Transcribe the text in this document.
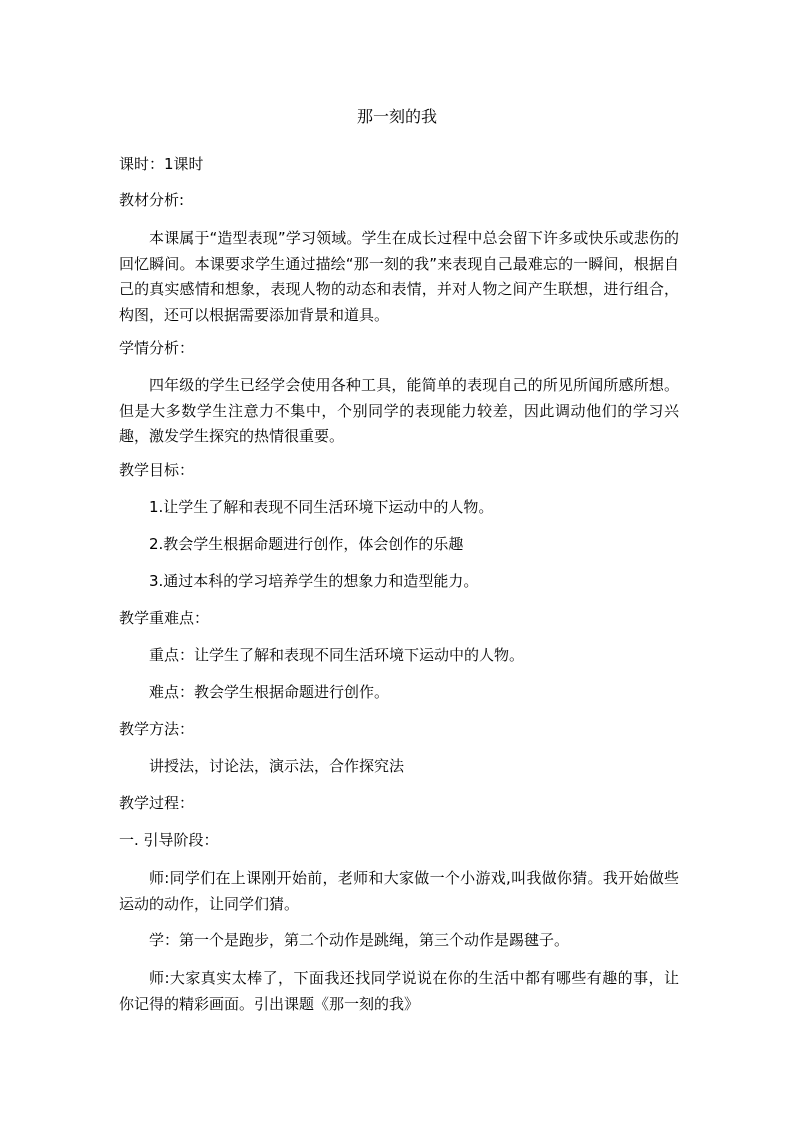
那一刻的我
课时：1课时
教材分析:
本课属于“造型表现”学习领域。学生在成长过程中总会留下许多或快乐或悲伤的回忆瞬间。本课要求学生通过描绘“那一刻的我”来表现自己最难忘的一瞬间，根据自己的真实感情和想象，表现人物的动态和表情，并对人物之间产生联想，进行组合，构图，还可以根据需要添加背景和道具。
学情分析：
四年级的学生已经学会使用各种工具，能简单的表现自己的所见所闻所感所想。但是大多数学生注意力不集中，个别同学的表现能力较差，因此调动他们的学习兴趣，激发学生探究的热情很重要。
教学目标：
1.让学生了解和表现不同生活环境下运动中的人物。
2.教会学生根据命题进行创作，体会创作的乐趣
3.通过本科的学习培养学生的想象力和造型能力。
教学重难点：
重点：让学生了解和表现不同生活环境下运动中的人物。
难点：教会学生根据命题进行创作。
教学方法：
讲授法，讨论法，演示法，合作探究法
教学过程：
一. 引导阶段：
师:同学们在上课刚开始前，老师和大家做一个小游戏,叫我做你猜。我开始做些运动的动作，让同学们猜。
学：第一个是跑步，第二个动作是跳绳，第三个动作是踢毽子。
师:大家真实太棒了，下面我还找同学说说在你的生活中都有哪些有趣的事，让你记得的精彩画面。引出课题《那一刻的我》
